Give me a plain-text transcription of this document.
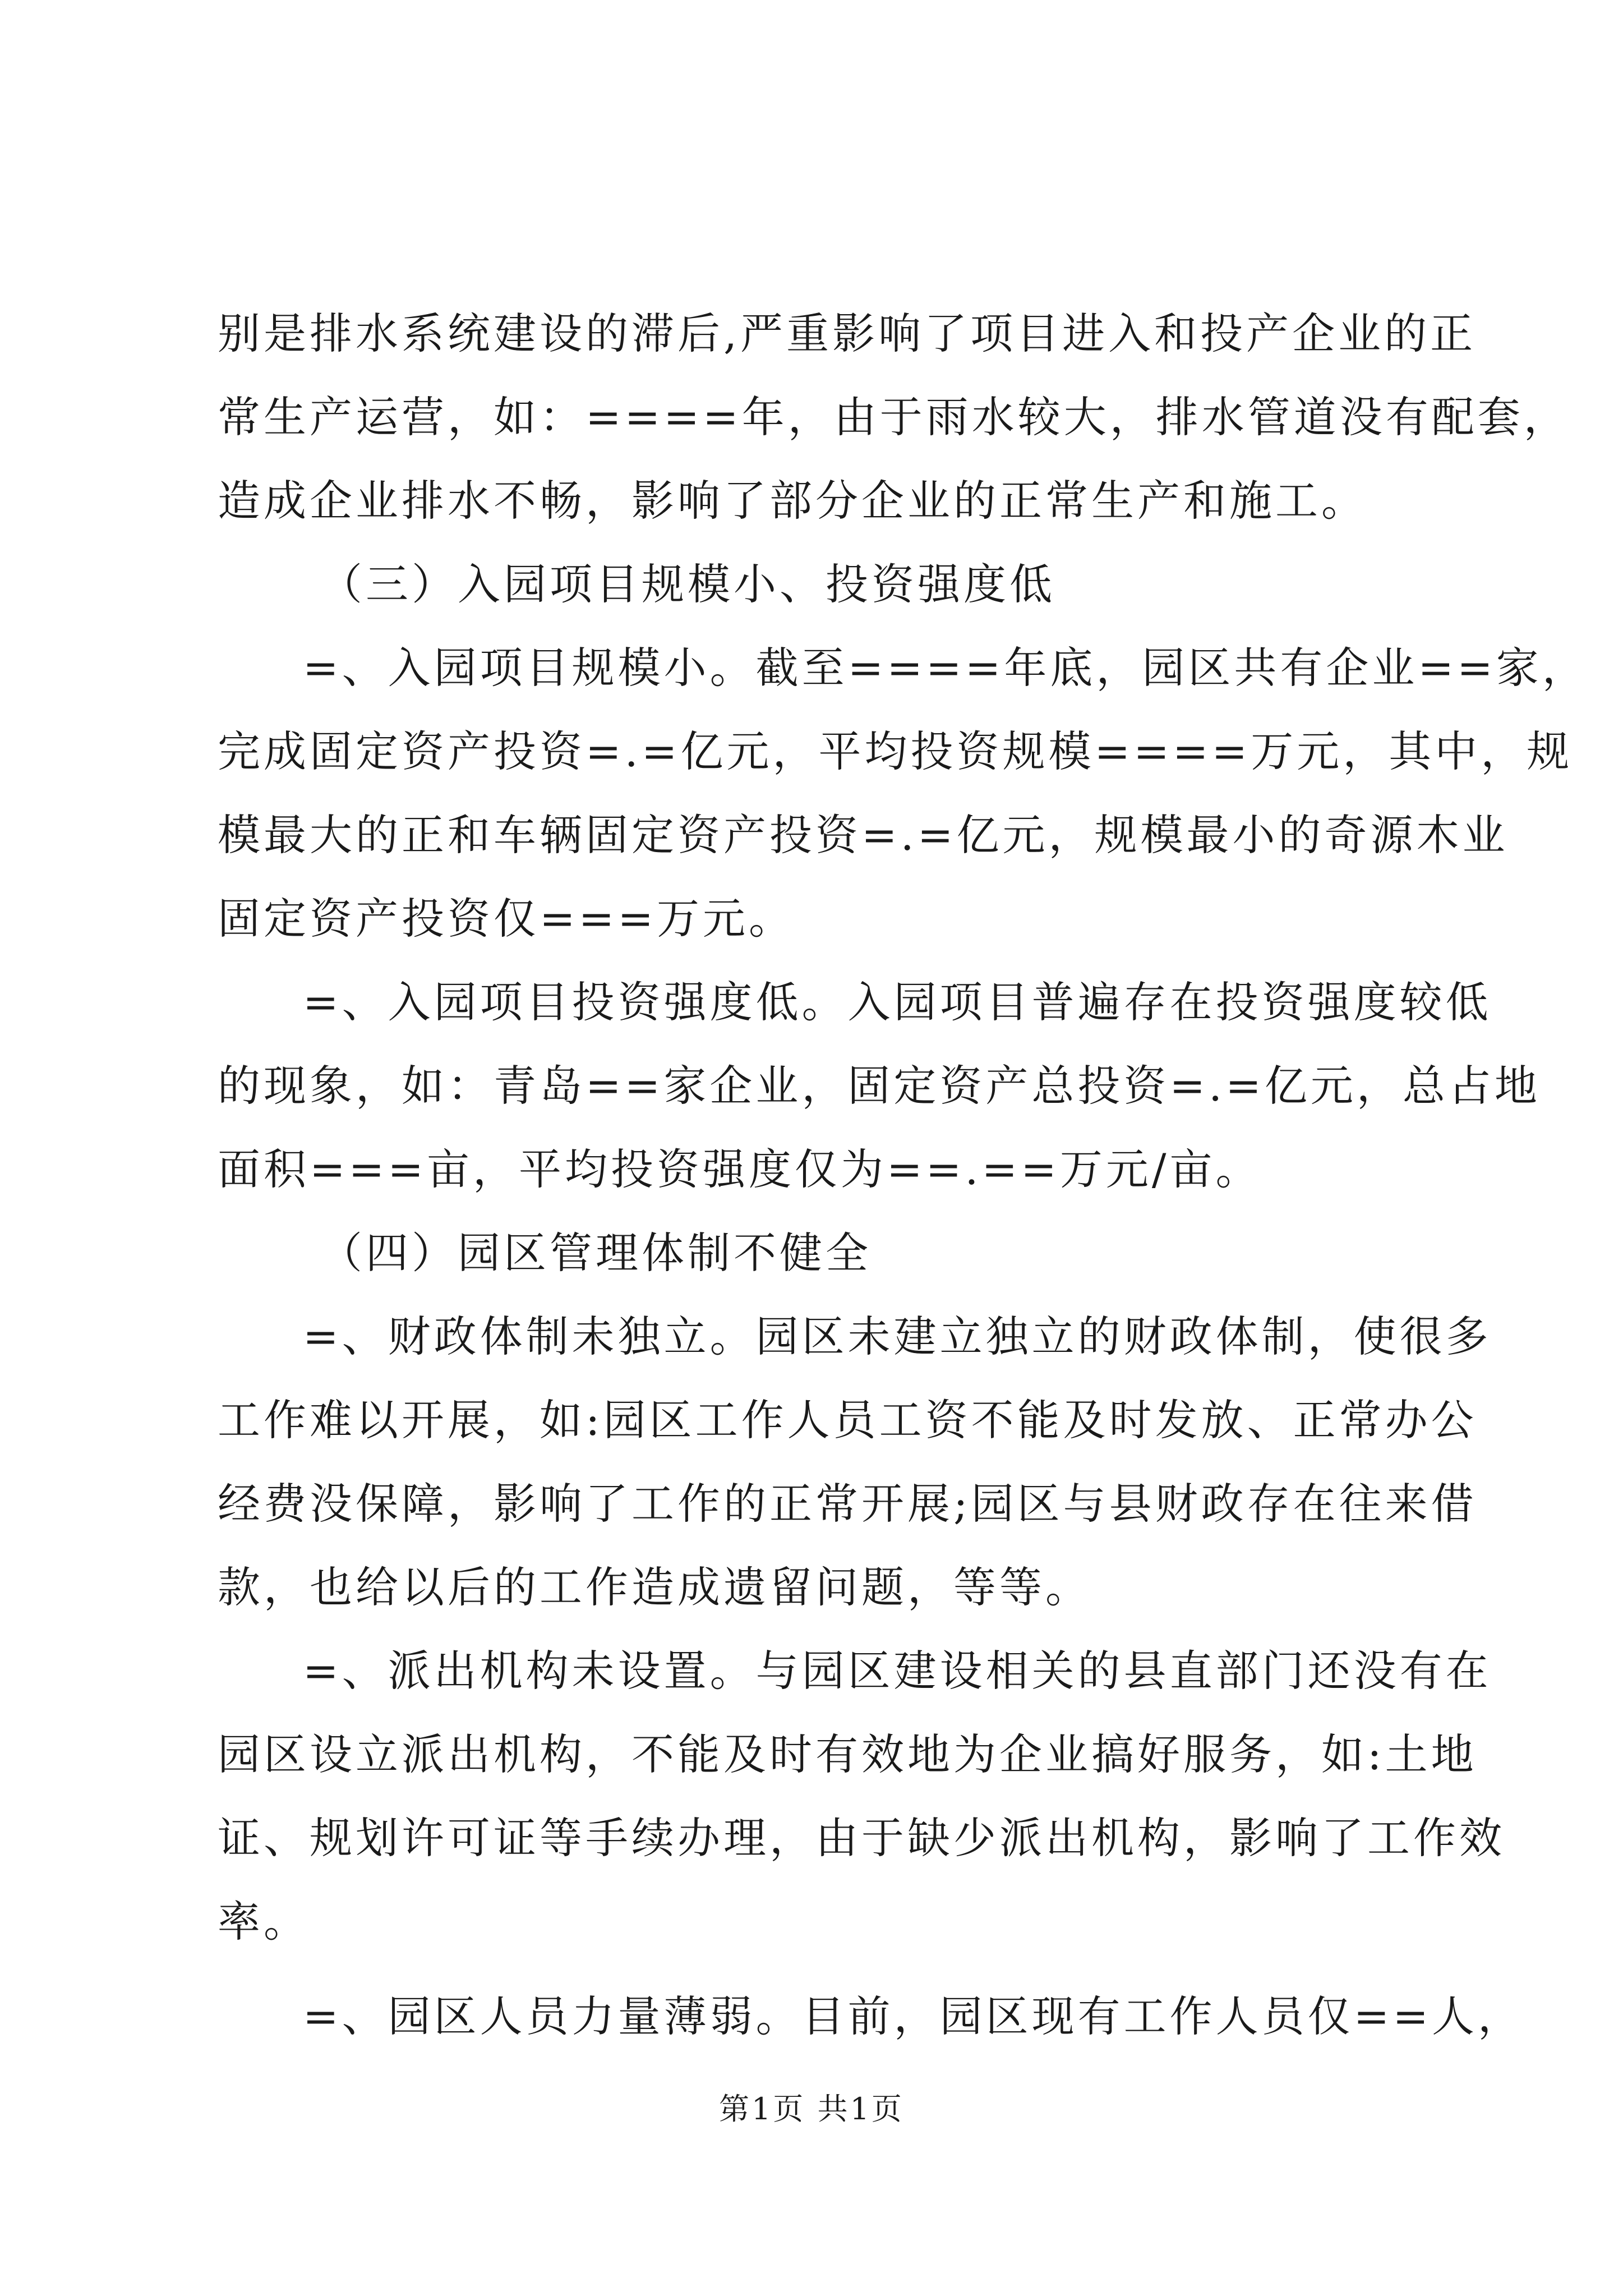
别是排水系统建设的滞后,严重影响了项目进入和投产企业的正
常生产运营，如：====年，由于雨水较大，排水管道没有配套，
造成企业排水不畅，影响了部分企业的正常生产和施工。
（三）入园项目规模小、投资强度低
=、入园项目规模小。截至====年底，园区共有企业==家，
完成固定资产投资=.=亿元，平均投资规模====万元，其中，规
模最大的正和车辆固定资产投资=.=亿元，规模最小的奇源木业
固定资产投资仅===万元。
=、入园项目投资强度低。入园项目普遍存在投资强度较低
的现象，如：青岛==家企业，固定资产总投资=.=亿元，总占地
面积===亩，平均投资强度仅为==.==万元/亩。
（四）园区管理体制不健全
=、财政体制未独立。园区未建立独立的财政体制，使很多
工作难以开展，如:园区工作人员工资不能及时发放、正常办公
经费没保障，影响了工作的正常开展;园区与县财政存在往来借
款，也给以后的工作造成遗留问题，等等。
=、派出机构未设置。与园区建设相关的县直部门还没有在
园区设立派出机构，不能及时有效地为企业搞好服务，如:土地
证、规划许可证等手续办理，由于缺少派出机构，影响了工作效
率。
=、园区人员力量薄弱。目前，园区现有工作人员仅==人，
第1页 共1页
